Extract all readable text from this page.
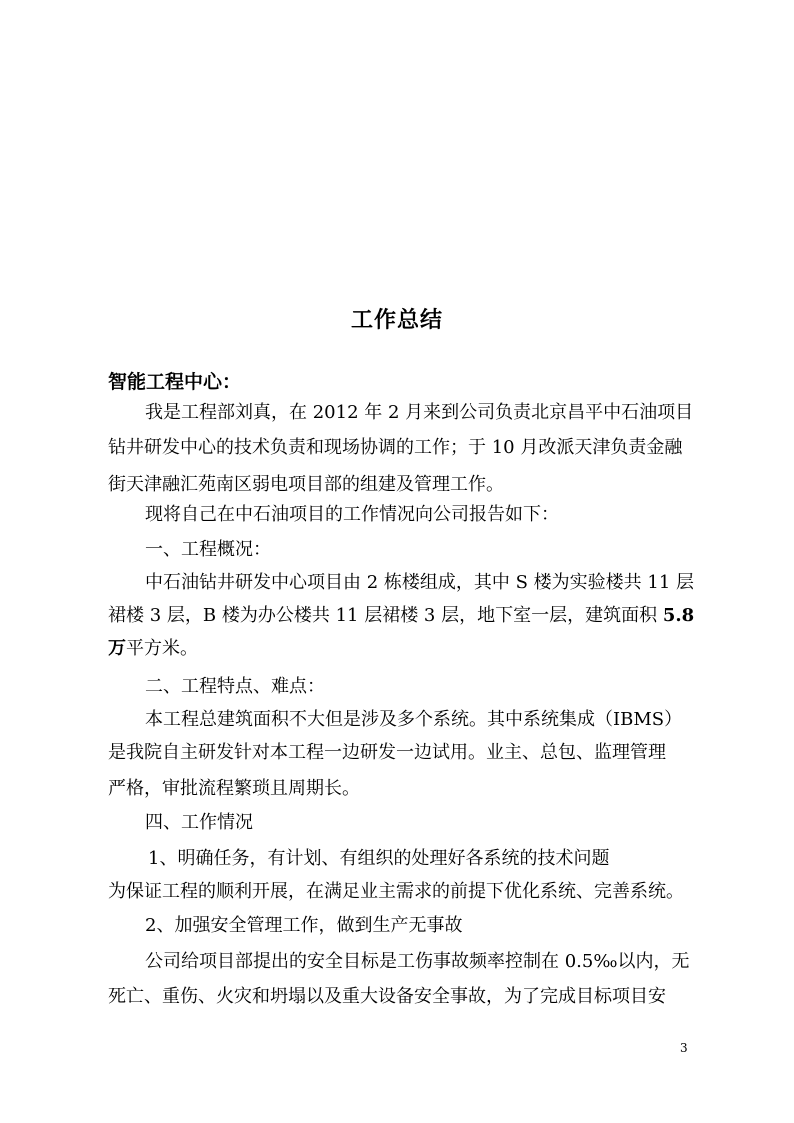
工作总结
智能工程中心：
我是工程部刘真，在 2012 年 2 月来到公司负责北京昌平中石油项目
钻井研发中心的技术负责和现场协调的工作；于 10 月改派天津负责金融
街天津融汇苑南区弱电项目部的组建及管理工作。
现将自己在中石油项目的工作情况向公司报告如下：
一、工程概况：
中石油钻井研发中心项目由 2 栋楼组成，其中 S 楼为实验楼共 11 层
裙楼 3 层，B 楼为办公楼共 11 层裙楼 3 层，地下室一层，建筑面积 5.8
万平方米。
二、工程特点、难点：
本工程总建筑面积不大但是涉及多个系统。其中系统集成（IBMS）
是我院自主研发针对本工程一边研发一边试用。业主、总包、监理管理
严格，审批流程繁琐且周期长。
四、工作情况
1、明确任务，有计划、有组织的处理好各系统的技术问题
为保证工程的顺利开展，在满足业主需求的前提下优化系统、完善系统。
2、加强安全管理工作，做到生产无事故
公司给项目部提出的安全目标是工伤事故频率控制在 0.5‰以内，无
死亡、重伤、火灾和坍塌以及重大设备安全事故，为了完成目标项目安
3
